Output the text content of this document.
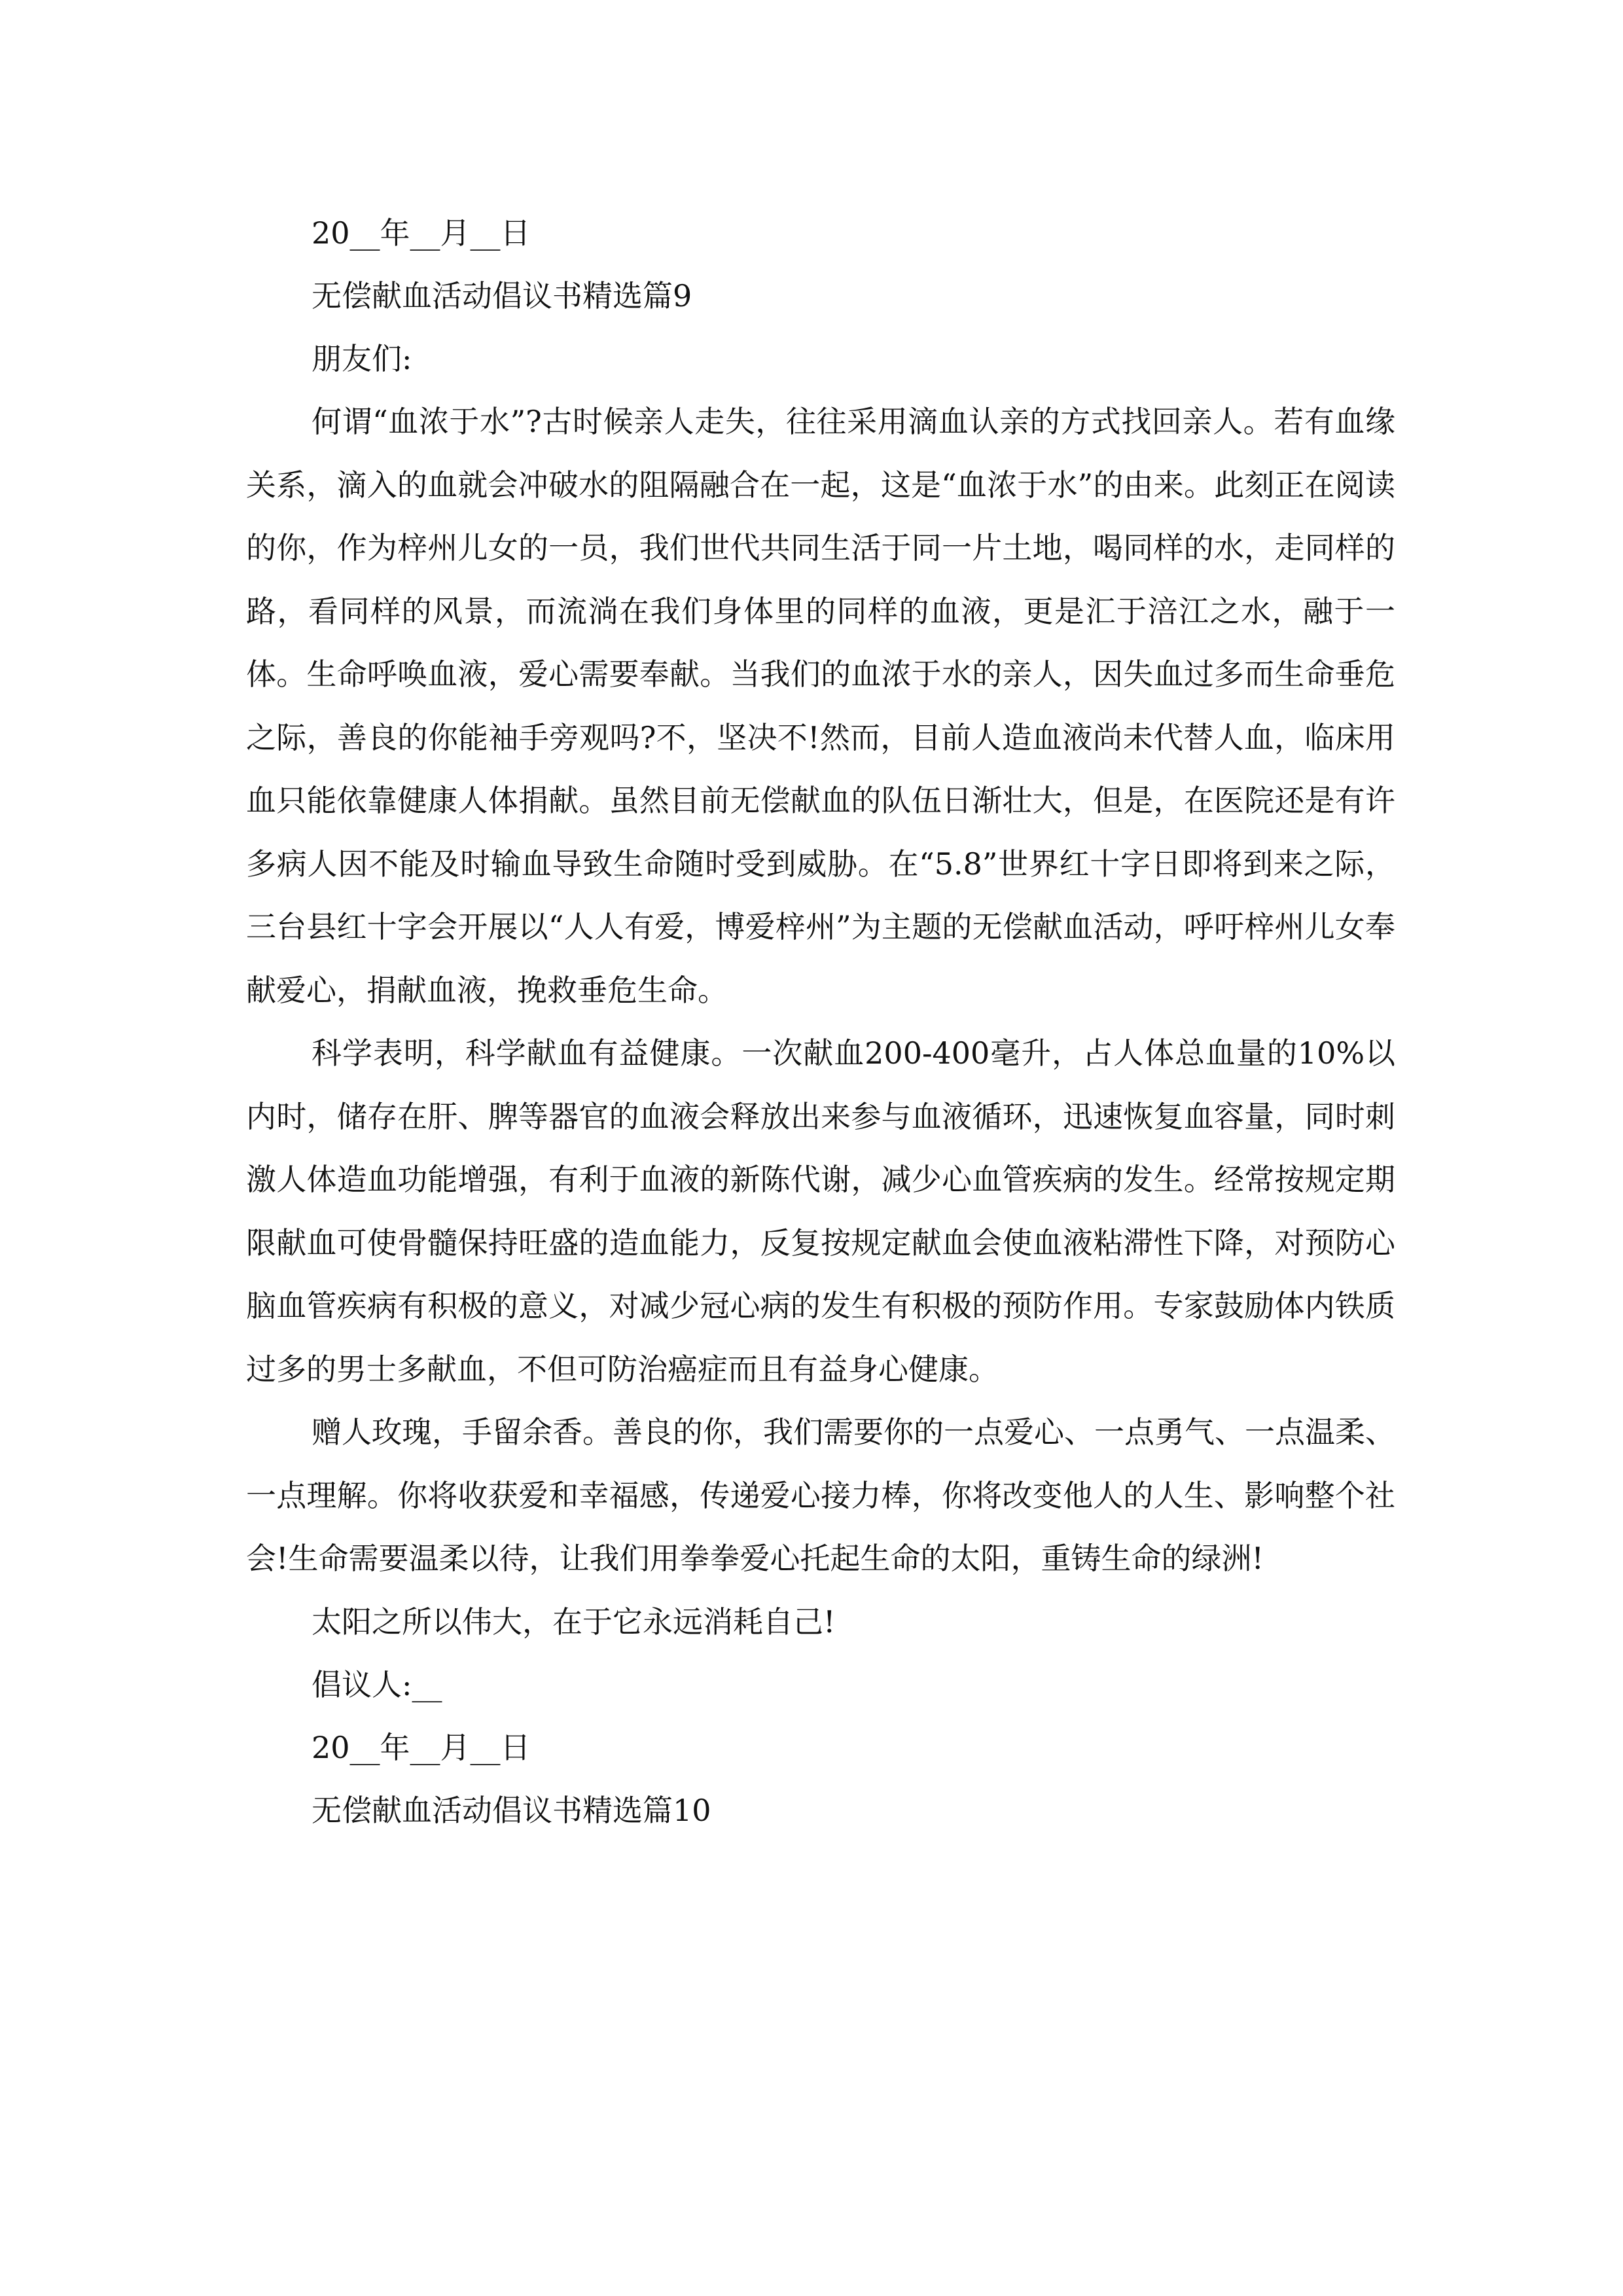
20__年__月__日

无偿献血活动倡议书精选篇9

朋友们:

何谓“血浓于水”?古时候亲人走失，往往采用滴血认亲的方式找回亲人。若有血缘关系，滴入的血就会冲破水的阻隔融合在一起，这是“血浓于水”的由来。此刻正在阅读的你，作为梓州儿女的一员，我们世代共同生活于同一片土地，喝同样的水，走同样的路，看同样的风景，而流淌在我们身体里的同样的血液，更是汇于涪江之水，融于一体。生命呼唤血液，爱心需要奉献。当我们的血浓于水的亲人，因失血过多而生命垂危之际，善良的你能袖手旁观吗?不，坚决不!然而，目前人造血液尚未代替人血，临床用血只能依靠健康人体捐献。虽然目前无偿献血的队伍日渐壮大，但是，在医院还是有许多病人因不能及时输血导致生命随时受到威胁。在“5.8”世界红十字日即将到来之际，三台县红十字会开展以“人人有爱，博爱梓州”为主题的无偿献血活动，呼吁梓州儿女奉献爱心，捐献血液，挽救垂危生命。

科学表明，科学献血有益健康。一次献血200-400毫升，占人体总血量的10%以内时，储存在肝、脾等器官的血液会释放出来参与血液循环，迅速恢复血容量，同时刺激人体造血功能增强，有利于血液的新陈代谢，减少心血管疾病的发生。经常按规定期限献血可使骨髓保持旺盛的造血能力，反复按规定献血会使血液粘滞性下降，对预防心脑血管疾病有积极的意义，对减少冠心病的发生有积极的预防作用。专家鼓励体内铁质过多的男士多献血，不但可防治癌症而且有益身心健康。

赠人玫瑰，手留余香。善良的你，我们需要你的一点爱心、一点勇气、一点温柔、一点理解。你将收获爱和幸福感，传递爱心接力棒，你将改变他人的人生、影响整个社会!生命需要温柔以待，让我们用拳拳爱心托起生命的太阳，重铸生命的绿洲!

太阳之所以伟大，在于它永远消耗自己!

倡议人:__

20__年__月__日

无偿献血活动倡议书精选篇10
